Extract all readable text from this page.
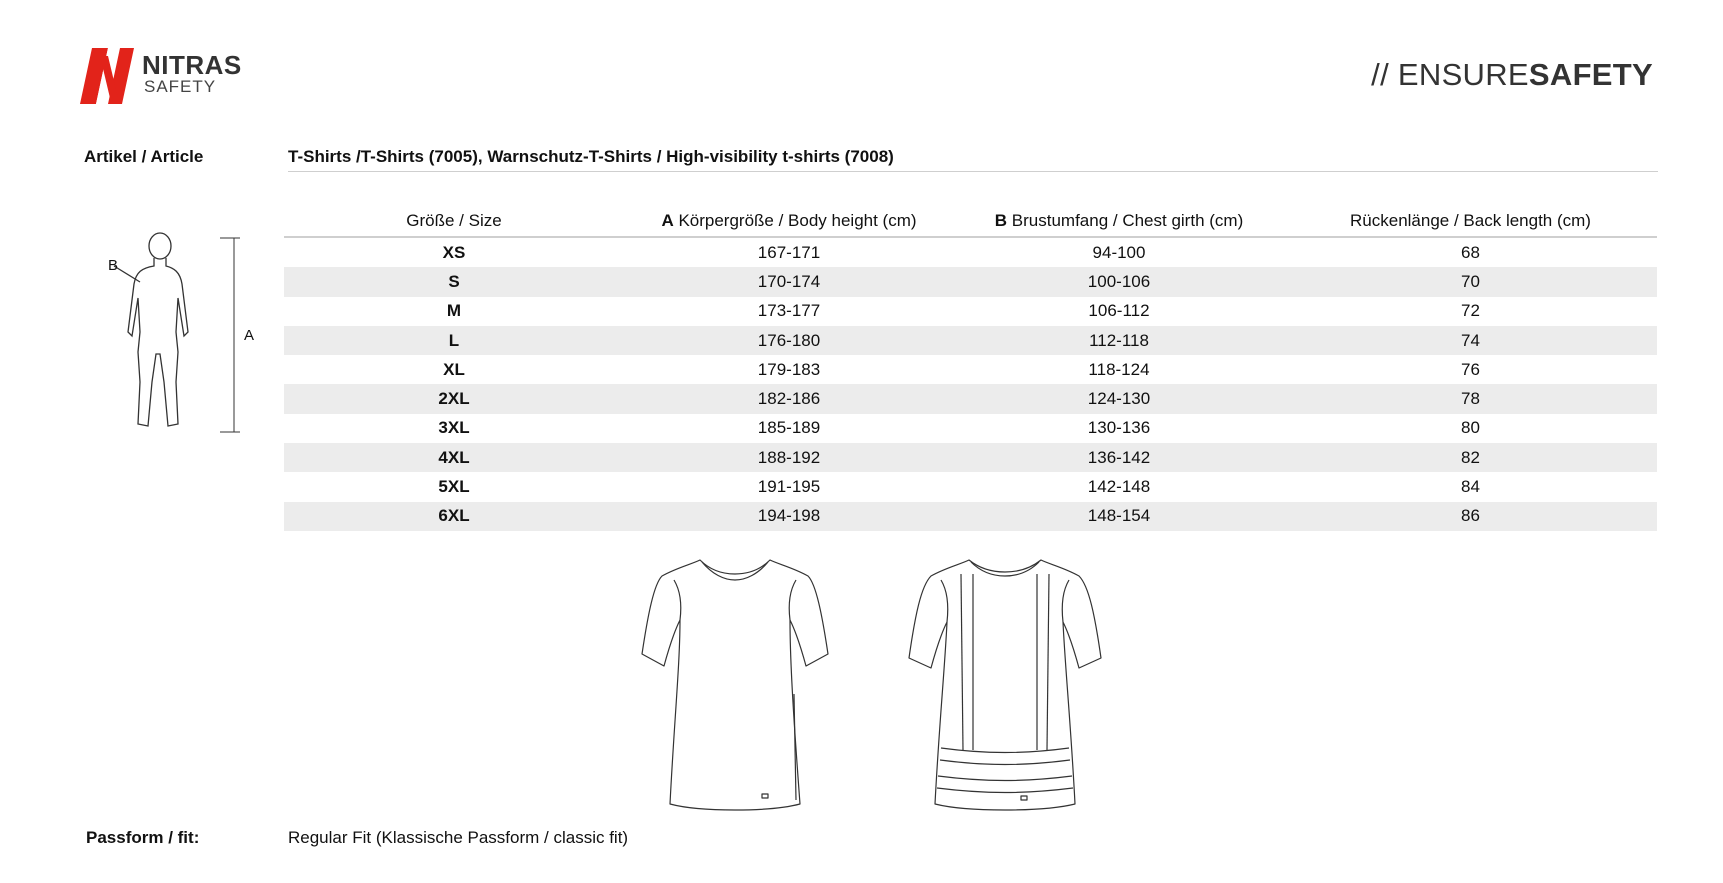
NITRAS
SAFETY	// ENSURESAFETY
Artikel / Article	T-Shirts /T-Shirts (7005), Warnschutz-T-Shirts / High-visibility t-shirts (7008)
B
A
Größe / Size	A Körpergröße / Body height (cm)	B Brustumfang / Chest girth (cm)	Rückenlänge / Back length (cm)
XS	167-171	94-100	68
S	170-174	100-106	70
M	173-177	106-112	72
L	176-180	112-118	74
XL	179-183	118-124	76
2XL	182-186	124-130	78
3XL	185-189	130-136	80
4XL	188-192	136-142	82
5XL	191-195	142-148	84
6XL	194-198	148-154	86
Passform / fit:	Regular Fit (Klassische Passform / classic fit)
